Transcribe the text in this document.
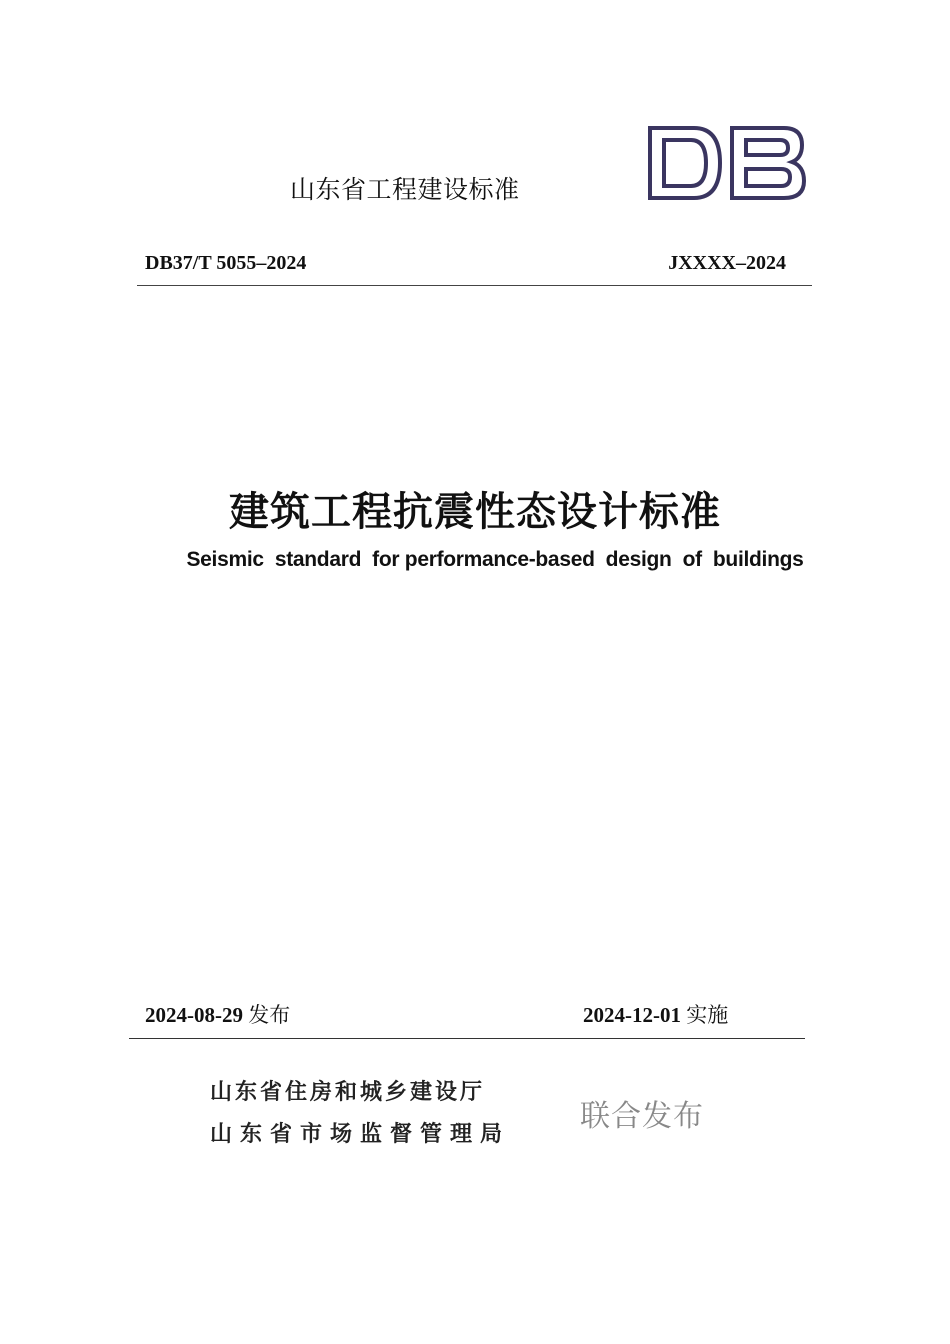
山东省工程建设标准
DB37/T 5055–2024	JXXXX–2024
建筑工程抗震性态设计标准
Seismic  standard  for performance-based  design  of  buildings
2024-08-29 发布	2024-12-01 实施
山东省住房和城乡建设厅
山东省市场监督管理局
联合发布
